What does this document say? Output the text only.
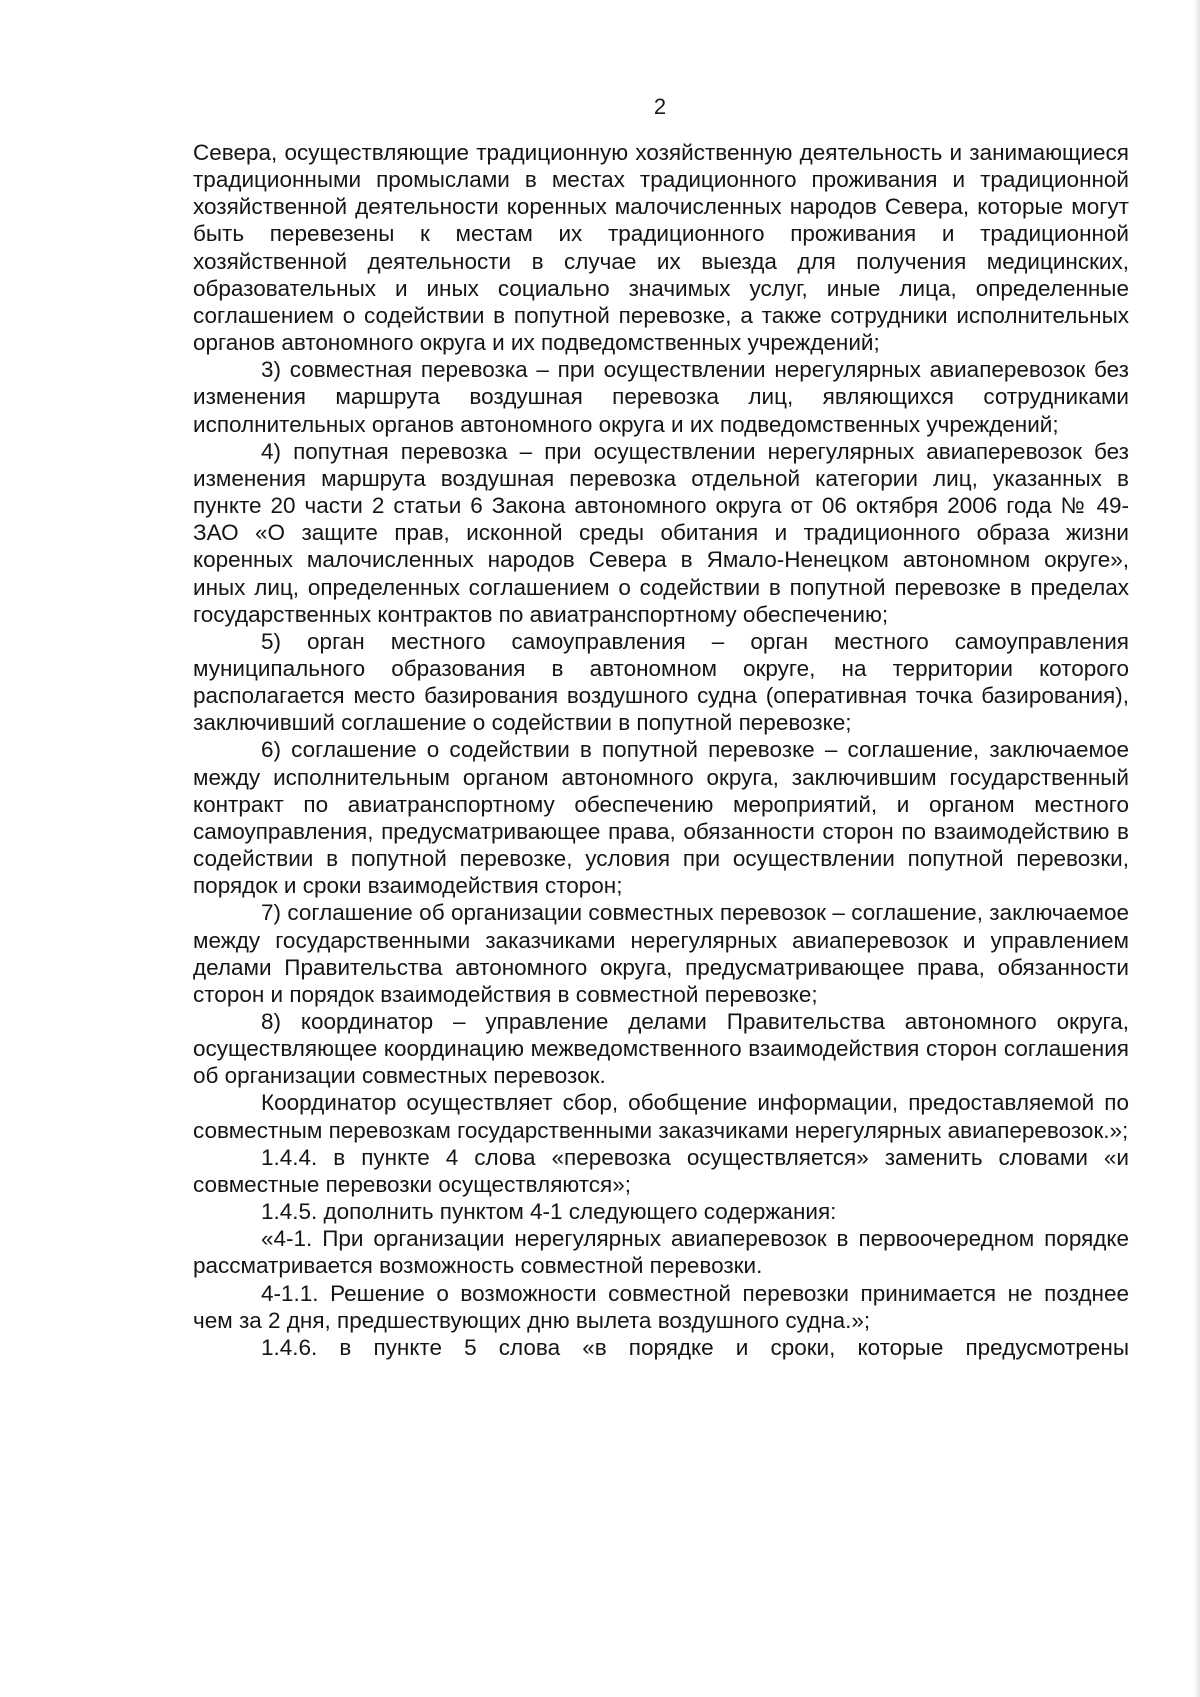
2

Севера, осуществляющие традиционную хозяйственную деятельность и занимающиеся традиционными промыслами в местах традиционного проживания и традиционной хозяйственной деятельности коренных малочисленных народов Севера, которые могут быть перевезены к местам их традиционного проживания и традиционной хозяйственной деятельности в случае их выезда для получения медицинских, образовательных и иных социально значимых услуг, иные лица, определенные соглашением о содействии в попутной перевозке, а также сотрудники исполнительных органов автономного округа и их подведомственных учреждений;

3) совместная перевозка – при осуществлении нерегулярных авиаперевозок без изменения маршрута воздушная перевозка лиц, являющихся сотрудниками исполнительных органов автономного округа и их подведомственных учреждений;

4) попутная перевозка – при осуществлении нерегулярных авиаперевозок без изменения маршрута воздушная перевозка отдельной категории лиц, указанных в пункте 20 части 2 статьи 6 Закона автономного округа от 06 октября 2006 года № 49-ЗАО «О защите прав, исконной среды обитания и традиционного образа жизни коренных малочисленных народов Севера в Ямало-Ненецком автономном округе», иных лиц, определенных соглашением о содействии в попутной перевозке в пределах государственных контрактов по авиатранспортному обеспечению;

5) орган местного самоуправления – орган местного самоуправления муниципального образования в автономном округе, на территории которого располагается место базирования воздушного судна (оперативная точка базирования), заключивший соглашение о содействии в попутной перевозке;

6) соглашение о содействии в попутной перевозке – соглашение, заключаемое между исполнительным органом автономного округа, заключившим государственный контракт по авиатранспортному обеспечению мероприятий, и органом местного самоуправления, предусматривающее права, обязанности сторон по взаимодействию в содействии в попутной перевозке, условия при осуществлении попутной перевозки, порядок и сроки взаимодействия сторон;

7) соглашение об организации совместных перевозок – соглашение, заключаемое между государственными заказчиками нерегулярных авиаперевозок и управлением делами Правительства автономного округа, предусматривающее права, обязанности сторон и порядок взаимодействия в совместной перевозке;

8) координатор – управление делами Правительства автономного округа, осуществляющее координацию межведомственного взаимодействия сторон соглашения об организации совместных перевозок.

Координатор осуществляет сбор, обобщение информации, предоставляемой по совместным перевозкам государственными заказчиками нерегулярных авиаперевозок.»;

1.4.4. в пункте 4 слова «перевозка осуществляется» заменить словами «и совместные перевозки осуществляются»;

1.4.5. дополнить пунктом 4-1 следующего содержания:

«4-1. При организации нерегулярных авиаперевозок в первоочередном порядке рассматривается возможность совместной перевозки.

4-1.1. Решение о возможности совместной перевозки принимается не позднее чем за 2 дня, предшествующих дню вылета воздушного судна.»;

1.4.6. в пункте 5 слова «в порядке и сроки, которые предусмотрены
